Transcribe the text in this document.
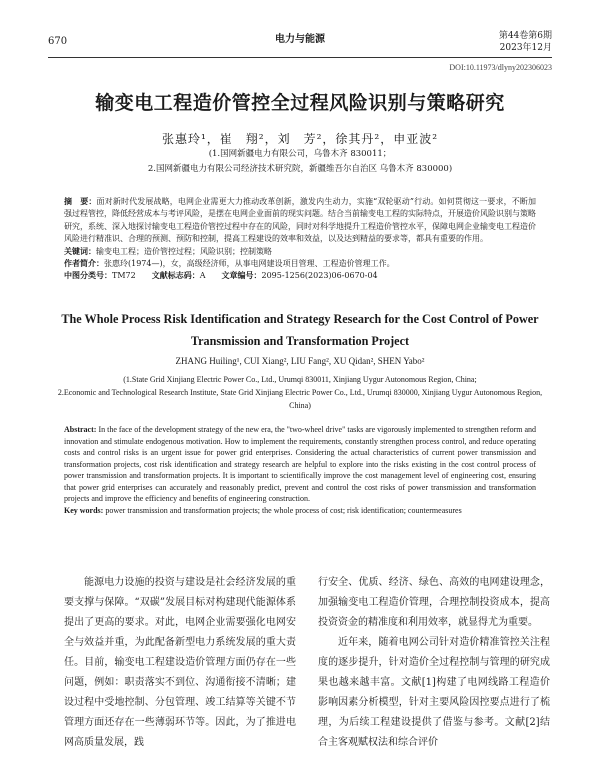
670	电力与能源	第44卷第6期
2023年12月
DOI:10.11973/dlyny202306023
输变电工程造价管控全过程风险识别与策略研究
张惠玲¹，崔　翔²，刘　芳²，徐其丹²，申亚波²
(1.国网新疆电力有限公司，乌鲁木齐 830011；
2.国网新疆电力有限公司经济技术研究院，新疆维吾尔自治区 乌鲁木齐 830000)

摘　要：面对新时代发展战略，电网企业需更大力推动改革创新，激发内生动力，实施“双轮驱动”行动。如何贯彻这一要求，不断加强过程管控，降低经营成本与考评风险，是摆在电网企业面前的现实问题。结合当前输变电工程的实际特点，开展造价风险识别与策略研究，系统、深入地探讨输变电工程造价管控过程中存在的风险，同时对科学地提升工程造价管控水平，保障电网企业输变电工程造价风险进行精准识、合理的预测、预防和控制，提高工程建设的效率和效益，以及达到精益的要求等，都具有重要的作用。

关键词：输变电工程；造价管控过程；风险识别；控制策略

作者简介：张惠玲(1974—)，女，高级经济师，从事电网建设项目管理、工程造价管理工作。

中图分类号：TM72   文献标志码：A   文章编号：2095-1256(2023)06-0670-04

The Whole Process Risk Identification and Strategy Research for the Cost Control of Power Transmission and Transformation Project
ZHANG Huiling¹, CUI Xiang², LIU Fang², XU Qidan², SHEN Yabo²
(1.State Grid Xinjiang Electric Power Co., Ltd., Urumqi 830011, Xinjiang Uygur Autonomous Region, China;
2.Economic and Technological Research Institute, State Grid Xinjiang Electric Power Co., Ltd., Urumqi 830000, Xinjiang Uygur Autonomous Region, China)

Abstract: In the face of the development strategy of the new era, the "two-wheel drive" tasks are vigorously implemented to strengthen reform and innovation and stimulate endogenous motivation. How to implement the requirements, constantly strengthen process control, and reduce operating costs and control risks is an urgent issue for power grid enterprises. Considering the actual characteristics of current power transmission and transformation projects, cost risk identification and strategy research are helpful to explore into the risks existing in the cost control process of power transmission and transformation projects. It is important to scientifically improve the cost management level of engineering cost, ensuring that power grid enterprises can accurately and reasonably predict, prevent and control the cost risks of power transmission and transformation projects and improve the efficiency and benefits of engineering construction.

Key words: power transmission and transformation projects; the whole process of cost; risk identification; countermeasures

能源电力设施的投资与建设是社会经济发展的重要支撑与保障。“双碳”发展目标对构建现代能源体系提出了更高的要求。对此，电网企业需要强化电网安全与效益并重，为此配备新型电力系统发展的重大责任。目前，输变电工程建设造价管理方面仍存在一些问题，例如：职责落实不到位、沟通衔接不清晰；建设过程中受地控制、分包管理、竣工结算等关键不节管理方面还存在一些薄弱环节等。因此，为了推进电网高质量发展，践

行安全、优质、经济、绿色、高效的电网建设理念，加强输变电工程造价管理，合理控制投资成本，提高投资资金的精准度和利用效率，就显得尤为重要。

近年来，随着电网公司针对造价精准管控关注程度的逐步提升，针对造价全过程控制与管理的研究成果也越来越丰富。文献[1]构建了电网线路工程造价影响因素分析模型，针对主要风险因控要点进行了梳理，为后续工程建设提供了借鉴与参考。文献[2]结合主客观赋权法和综合评价
